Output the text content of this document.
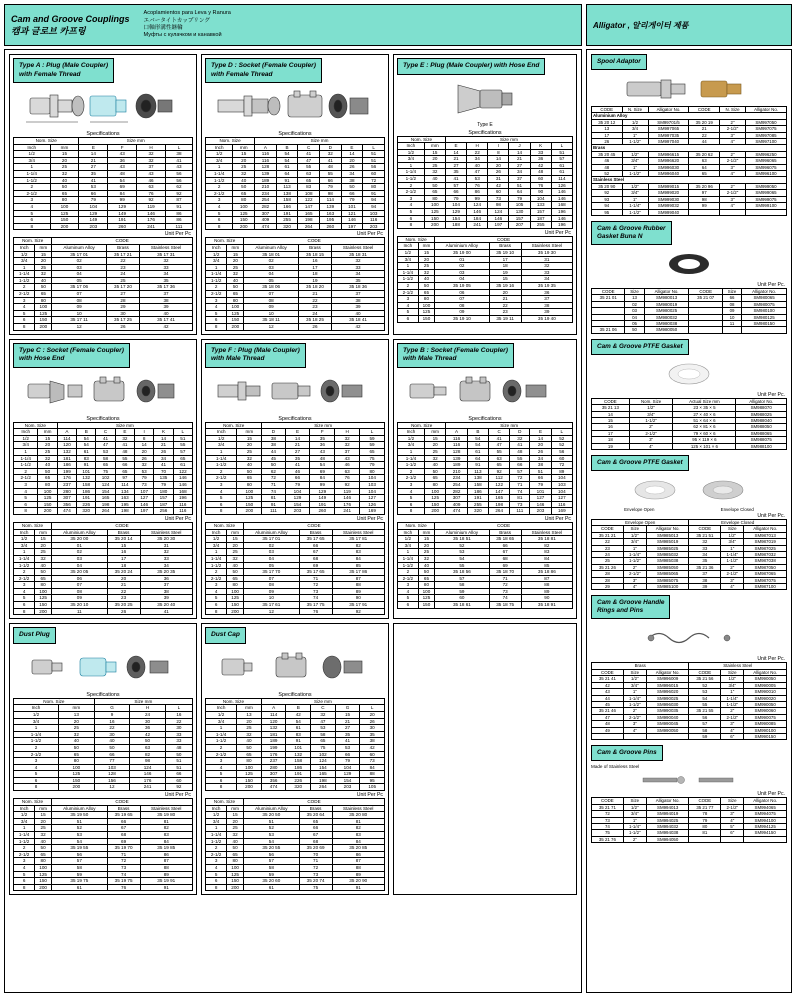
Cam and Groove Couplings
캠과 글로브 카프링
Acoplamientos para Leva y Ranura
エバータイトカップリング
口軸形溝性継輪
Муфты с кулачком и канавкой
Alligator , 알리게이터 제품
Type A : Plug (Male Coupler)
with Female Thread
Specifications
Nom. Size		Size mm			
Inch	mm	E	F	H	L
1/2	15	14	43	32	38
3/4	20	21	36	32	41
1	25	27	43	37	43
1-1/4	32	35	48	43	56
1-1/2	40	41	54	46	56
2	50	53	69	63	62
2-1/2	65	66	84	76	92
3	80	79	99	92	87
4	100	104	129	119	91
5	125	129	149	146	86
6	150	149	191	176	86
8	200	203	260	241	111
Unit Per Pc
Nom. Size		CODE		
Inch	mm	Aluminum Alloy	Brass	Stainless Steel
1/2	15	35 17 01	35 17 21	35 17 31
3/4	20	02	22	32
1	25	03	23	33
1-1/4	32	04	24	34
1-1/2	40	05	25	35
2	50	35 17 06	35 17 20	35 17 36
2-1/2	65	07	27	37
3	80	08	28	38
4	100	09	29	39
5	125	10	30	40
6	150	35 17 11	35 17 25	35 17 41
8	200	12	26	42
Type D : Socket (Female Coupler)
with Female Thread
Specifications
Nom. Size		Size mm					
Inch	mm	A	B	C	D	E	L
1/2	15	116	54	41	32	14	51
3/4	20	116	54	47	41	20	51
1	25	128	61	55	48	26	56
1-1/4	32	139	64	63	55	34	60
1-1/2	40	189	91	65	66	38	72
2	50	210	113	83	79	50	80
2-1/2	65	234	138	108	98	66	91
3	80	254	158	122	114	79	94
4	100	282	166	147	139	101	94
5	125	307	191	165	163	121	103
6	150	409	255	198	195	146	116
8	200	474	320	264	260	197	203
Unit Per Pc
Nom. Size		CODE		
Inch	mm	Aluminum Alloy	Brass	Stainless Steel
1/2	15	35 18 01	35 18 15	35 18 31
3/4	20	02	16	32
1	25	03	17	33
1-1/4	32	04	18	34
1-1/2	40	05	19	35
2	50	35 18 06	35 18 20	35 18 36
2-1/2	65	07	21	37
3	80	08	22	38
4	100	09	23	39
5	125	10	24	40
6	150	35 18 11	35 18 25	35 18 41
8	200	12	26	42
Type E : Plug (Male Coupler) with Hose End

Type E
Specifications
Nom. Size		Size mm					
Inch	mm	E	H	I	J	K	L
1/2	15	14	22	8	14	33	51
3/4	20	21	34	14	21	36	57
1	25	27	40	20	27	42	61
1-1/4	32	35	47	26	34	48	61
1-1/2	40	41	53	31	37	60	114
2	50	57	76	42	51	76	126
2-1/2	65	66	86	60	64	90	146
3	80	79	99	73	79	104	146
4	100	104	124	98	105	133	168
5	125	129	146	124	130	157	196
6	150	154	184	146	157	187	146
8	200	188	241	197	207	255	196
Unit Per Pc
Nom. Size		CODE		
Inch	mm	Aluminium Alloy	Brass	Stainless Steel
1/2	15	35 19 00	35 19 10	35 19 30
3/4	20	01	17	31
1	25	02	18	32
1-1/4	32	03	19	33
1-1/2	40	04	15	34
2	50	35 19 05	35 19 16	35 19 35
2-1/2	65	06	20	36
3	80	07	21	37
4	100	08	22	38
5	125	09	23	39
6	150	35 19 10	35 19 11	35 19 40
Type C : Socket (Female Coupler)
with Hose End
Specifications
Nom. Size		Size mm						
Inch	mm	A	B	C	E	I	K	L
1/2	15	114	54	41	32	8	14	51
3/4	20	120	54	47	41	14	21	55
1	25	132	61	53	48	20	26	57
1-1/4	32	181	83	58	55	26	34	65
1-1/2	40	186	91	65	66	32	41	61
2	50	199	101	75	65	53	70	122
2-1/2	65	176	132	102	97	79	135	146
3	80	237	158	124	114	73	79	146
4	100	280	186	154	134	107	180	168
5	125	307	191	165	163	127	157	196
6	150	356	226	198	195	146	187	116
8	200	474	320	264	198	197	256	116
Unit Per Pc
Nom. Size		CODE		
Inch	mm	Aluminium Alloy	Brass	Stainless Steel
1/2	15	35 20 00	35 20 14	35 20 30
3/4	20	01	15	31
1	25	02	16	32
1-1/4	32	03	17	33
1-1/2	40	04	18	34
2	50	35 20 05	35 20 24	35 20 35
2-1/2	65	06	20	36
3	80	07	21	37
4	100	08	22	38
5	125	09	23	39
6	150	35 20 10	35 20 25	35 20 40
8	200	11	26	41
Type F : Plug (Male Coupler)
with Male Thread
Specifications
Nom. Size		Size mm				
Inch	mm	D	E	F	H	L
1/2	15	38	14	35	32	59
3/4	20	38	21	36	32	59
1	25	44	27	43	37	65
1-1/4	32	45	35	48	43	75
1-1/2	40	50	41	54	46	79
2	50	62	46	69	63	80
2-1/2	65	72	66	84	76	104
3	80	71	79	99	92	103
4	100	74	104	129	119	104
5	125	81	129	149	146	127
6	150	91	154	191	176	126
8	200	111	203	260	241	169
Unit Per Pc
Nom. Size		CODE		
Inch	mm	Aluminium Alloy	Brass	Stainless Steel
1/2	15	35 17 01	35 17 65	35 17 81
3/4	20	02	66	82
1	25	03	67	83
1-1/4	32	04	68	84
1-1/2	40	05	69	85
2	50	35 17 70	35 17 65	35 17 86
2-1/2	65	07	71	87
3	80	08	72	88
4	100	09	73	89
5	125	10	74	90
6	150	35 17 61	35 17 75	35 17 91
8	200	12	76	92
Type B : Socket (Female Coupler)
with Male Thread
Specifications
Nom. Size		Size mm					
Inch	mm	A	B	C	D	E	L
1/2	15	116	54	41	32	14	52
3/4	20	116	54	47	41	20	52
1	25	128	61	55	48	26	56
1-1/4	32	139	64	63	55	34	60
1-1/2	40	189	91	65	66	38	72
2	50	210	113	92	57	51	89
2-1/2	65	234	138	112	72	66	104
3	80	254	158	122	71	79	103
4	100	282	186	147	74	101	104
5	125	307	191	165	81	127	127
6	150	409	255	198	73	146	116
8	200	474	320	264	111	203	169
Unit Per Pc
Nom. Size		CODE		
Inch	mm	Aluminium Alloy	Brass	Stainless Steel
1/2	15	35 18 51	35 18 65	35 18 81
3/4	20	52	66	82
1	25	53	67	83
1-1/4	32	54	68	84
1-1/2	40	55	69	85
2	50	35 18 56	35 18 70	35 18 86
2-1/2	65	57	71	87
3	80	58	72	88
4	100	59	73	89
5	125	60	74	90
6	150	35 18 61	35 18 75	35 18 91
Dust Plug
Specifications
Nom. Size		Size mm		
Inch	mm	G	H	L
1/2	13	9	24	16
3/4	20	16	30	22
1	25	22	36	30
1-1/4	32	30	42	33
1-1/2	40	40	50	33
2	50	50	63	48
2-1/2	65	66	82	50
3	80	77	98	51
4	100	103	124	51
5	125	128	146	66
6	150	156	176	60
8	200	12	241	92
Unit Per Pc
Nom. Size		CODE		
Inch	mm	Aluminium Alloy	Brass	Stainless Steel
1/2	15	35 19 50	35 19 65	35 19 80
3/4	20	51	66	81
1	25	52	67	82
1-1/4	32	53	68	83
1-1/2	40	54	69	84
2	50	35 19 55	35 19 70	35 19 85
2-1/2	65	56	71	86
3	80	57	72	87
4	100	58	73	88
5	125	59	74	89
6	150	35 19 75	35 19 75	35 19 91
8	200	61	76	91
Dust Cap
Specifications
Nom. Size		Size mm				
Inch	mm	A	B	C	G	L
1/2	13	114	42	32	15	20
3/4	20	120	54	47	21	26
1	25	132	61	53	27	30
1-1/4	32	181	83	58	35	35
1-1/2	40	189	91	65	41	38
2	50	199	101	75	53	42
2-1/2	65	176	132	102	66	60
3	80	237	158	124	79	73
4	100	280	186	154	104	84
5	125	307	191	165	129	88
6	150	356	226	198	154	95
8	200	474	320	264	203	105
Unit Per Pc
Nom. Size		CODE		
Inch	mm	Aluminium Alloy	Brass	Stainless Steel
1/2	15	35 20 50	35 20 64	35 20 80
3/4	20	51	65	81
1	25	52	66	82
1-1/4	32	53	67	83
1-1/2	40	54	68	84
2	50	35 20 55	35 20 69	35 20 85
2-1/2	65	56	70	86
3	80	57	71	87
4	100	58	72	88
5	125	59	73	89
6	150	35 20 60	35 20 74	35 20 90
8	200	61	75	91
Spool Adaptor
CODE	N. Size	Alligator No.	CODE	N. Size	Alligator No.
Aluminium Alloy					
35 20 12	1/2	SM99701/5	35 20 19	2"	SM997050
13	3/4	SM997065	21	2-1/2"	SM997075
17	1"	SM997035	22	3"	SM997085
26	1-1/2"	SM997040	44	4"	SM997100
Brass					
35 20 45	1/2"	SM996615	35 20 62	2"	SM996250
46	3/4"	SM996620	63	2-1/2"	SM996065
48	1"	SM996030	64	3"	SM996075
52	1-1/2"	SM996040	65	4"	SM996100
Stainless Steel					
35 20 90	1/2"	SM999015	35 20 96	2"	SM999050
92	3/4"	SM999020	97	2-1/2"	SM999065
93	1"	SM999030	98	3"	SM999075
94	1-1/4"	SM999032	99	4"	SM999100
95	1-1/2"	SM999040			
Cam & Groove Rubber
Gasket Buna N
Unit Per Pc.
CODE	Size	Alligator No.	CODE	Size	Alligator No.
35 21 01	13	SM980013	35 21 07	66	SM980065
	02	SM980019		08	SM980075
	03	SM980025		09	SM980100
	04	SM980032		10	SM980125
	05	SM980038		11	SM980150
35 21 06	50	SM980050			
Cam & Groove PTFE Gasket
Unit Per Pc.
CODE	Nom. Size	Actual Size mm	Alligator No.
35 21 13	1/2"	23 × 35 × 5	SM988070
14	3/4"	27 × 40 × 6	SM988025
15	1-1/2"	51 × 64 × 6	SM988040
16	2"	62 × 81 × 6	SM988050
17	2-1/2"	79 × 60 × 6	SM988065
18	3"	95 × 119 × 6	SM988075
19	4"	125 × 101 × 6	SM988100
Cam & Groove PTFE Gasket
Envelope Open	Envelope Closed
Unit Per Pc.
Envelope Open			Envelope Closed		
CODE	Size	Alligator No.	CODE	Size	Alligator No.
35 21 21	1/2"	SM985013	35 21 51	1/2"	SM987013
22	3/4"	SM985019	32	3/4"	SM987019
23	1"	SM985025	33	1"	SM987025
24	1-1/4"	SM985032	34	1-1/4"	SM987032
25	1-1/2"	SM985038	35	1-1/2"	SM987038
35 21 26	2"	SM985050	35 21 36	2"	SM987050
28	2-1/2"	SM985065	37	2-1/2"	SM987065
28	3"	SM985075	38	3"	SM987075
29	4"	SM985100	39	4"	SM987100
Cam & Groove Handle
Rings and Pins
Unit Per Pc.
Brass			Stainless Steel		
CODE	Size	Alligator No.	CODE	Size	Alligator No.
35 21 41	1/2"	SM996009	35 21 56	1/2"	SM990050
42	3/4"	SM996015	52	3/4"	SM990005
43	1"	SM996020	53	1"	SM990010
44	1-1/4"	SM990025	54	1-1/4"	SM990020
45	1-1/2"	SM996030	55	1-1/2"	SM990050
35 21 46	2"	SM990035	35 21 55	2"	SM990060
47	2-1/2"	SM990040	56	2-1/2"	SM990075
48	3"	SM990045	57	3"	SM990085
49	4"	SM990050	58	4"	SM990100
			59	6"	SM990150
Cam & Groove Pins
Made of Stainless Steel
Unit Per Pc.
CODE	Size	Alligator No.	CODE	Size	Alligator No.
35 21 71	1/2"	SM994013	35 21 77	2-1/2"	SM994065
72	3/4"	SM994019	78	3"	SM994075
73	1"	SM994025	79	4"	SM994100
74	1-1/4"	SM994032	80	5"	SM994125
75	1-1/2"	SM994038	81	6"	SM994150
35 21 76	2"	SM994050			
